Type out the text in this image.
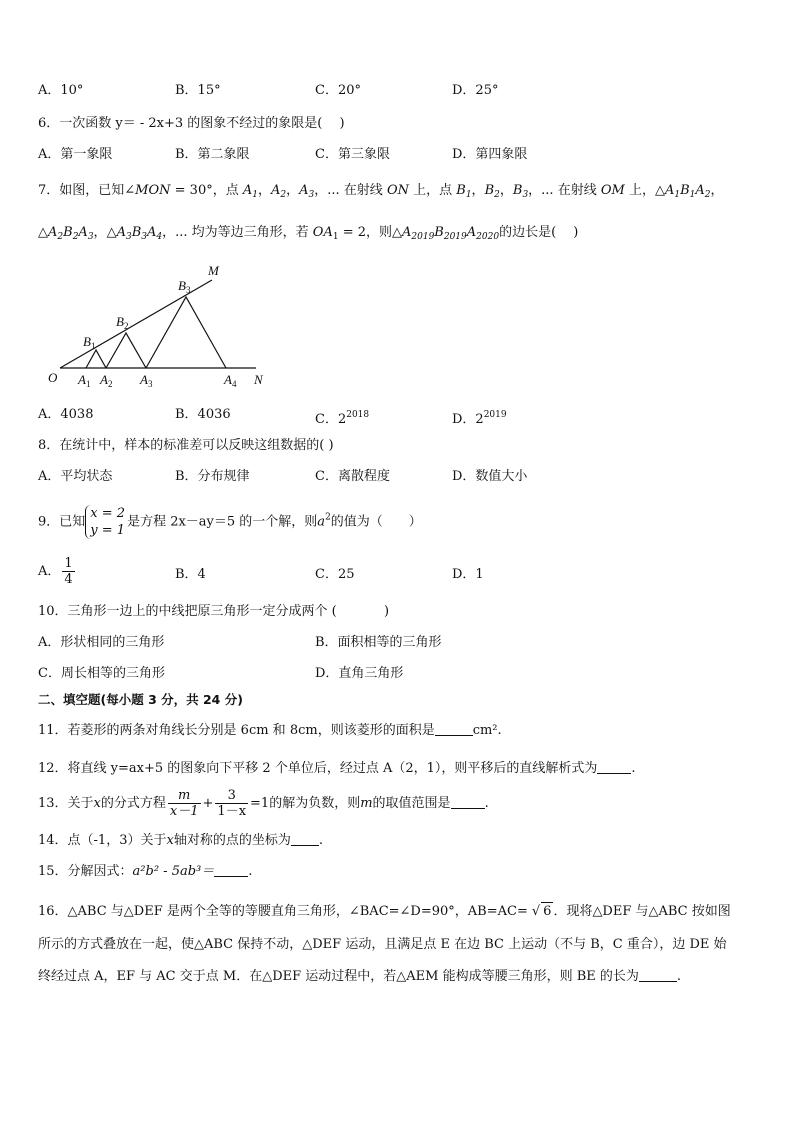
A．10°	B．15°	C．20°	D．25°
6．一次函数 y＝ - 2x+3 的图象不经过的象限是(　 )
A．第一象限	B．第二象限	C．第三象限	D．第四象限
7．如图，已知∠MON = 30°，点 $A_1$，$A_2$，$A_3$，... 在射线 ON 上，点 $B_1$，$B_2$，$B_3$，... 在射线 OM 上，$\triangle A_1B_1A_2$，
$\triangle A_2B_2A_3$，$\triangle A_3B_3A_4$，... 均为等边三角形，若 $OA_1 = 2$，则$\triangle A_{2019}B_{2019}A_{2020}$的边长是(　 )
O $A_1$ $A_2$ $A_3$	$A_4$
$B_1$
$B_2$
$B_3$
M
N
A．4038	B．4036	C．$2^{2018}$	D．$2^{2019}$
8．在统计中，样本的标准差可以反映这组数据的( )
A．平均状态	B．分布规律	C．离散程度	D．数值大小
9．已知
x = 2
y = 1
是方程 2x－ay＝5 的一个解，则$a^2$的值为（　　）
A． $\frac{1}{4}$	B．4	C．25	D．1
10．三角形一边上的中线把原三角形一定分成两个 (　 　 　)
A．形状相同的三角形	B．面积相等的三角形
C．周长相等的三角形	D．直角三角形
二、填空题(每小题 3 分，共 24 分)
11．若菱形的两条对角线长分别是 6cm 和 8cm，则该菱形的面积是	cm².
12．将直线 y=ax+5 的图象向下平移 2 个单位后，经过点 A（2，1），则平移后的直线解析式为	.
13．关于x的分式方程 $\frac{m}{x-1} + \frac{3}{1-x} =1$的解为负数，则m的取值范围是	.
14．点（-1，3）关于x轴对称的点的坐标为 .
15．分解因式：a²b² - 5ab³＝	.
16．△ABC 与△DEF 是两个全等的等腰直角三角形，∠BAC=∠D=90°，AB=AC= √ 6 ．现将△DEF 与△ABC 按如图
所示的方式叠放在一起，使△ABC 保持不动，△DEF 运动，且满足点 E 在边 BC 上运动（不与 B，C 重合），边 DE 始
终经过点 A，EF 与 AC 交于点 M．在△DEF 运动过程中，若△AEM 能构成等腰三角形，则 BE 的长为	.
